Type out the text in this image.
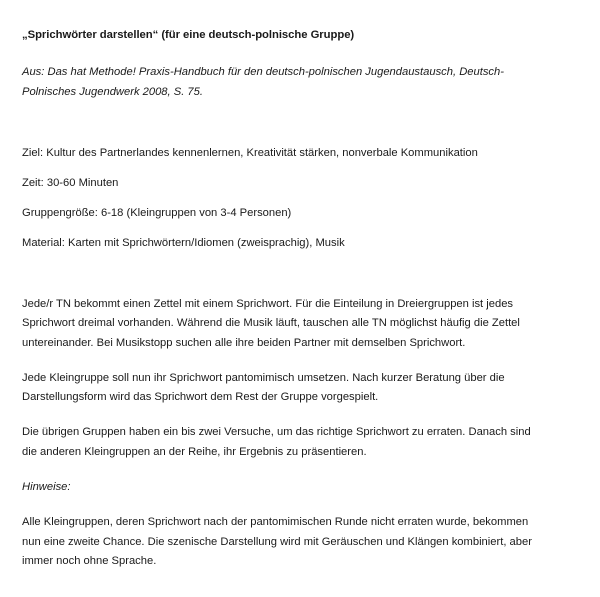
„Sprichwörter darstellen“ (für eine deutsch-polnische Gruppe)

Aus: Das hat Methode! Praxis-Handbuch für den deutsch-polnischen Jugendaustausch, Deutsch-Polnisches Jugendwerk 2008, S. 75.

Ziel: Kultur des Partnerlandes kennenlernen, Kreativität stärken, nonverbale Kommunikation

Zeit: 30-60 Minuten

Gruppengröße: 6-18 (Kleingruppen von 3-4 Personen)

Material: Karten mit Sprichwörtern/Idiomen (zweisprachig), Musik

Jede/r TN bekommt einen Zettel mit einem Sprichwort. Für die Einteilung in Dreiergruppen ist jedes Sprichwort dreimal vorhanden. Während die Musik läuft, tauschen alle TN möglichst häufig die Zettel untereinander. Bei Musikstopp suchen alle ihre beiden Partner mit demselben Sprichwort.

Jede Kleingruppe soll nun ihr Sprichwort pantomimisch umsetzen. Nach kurzer Beratung über die Darstellungsform wird das Sprichwort dem Rest der Gruppe vorgespielt.

Die übrigen Gruppen haben ein bis zwei Versuche, um das richtige Sprichwort zu erraten. Danach sind die anderen Kleingruppen an der Reihe, ihr Ergebnis zu präsentieren.

Hinweise:

Alle Kleingruppen, deren Sprichwort nach der pantomimischen Runde nicht erraten wurde, bekommen nun eine zweite Chance. Die szenische Darstellung wird mit Geräuschen und Klängen kombiniert, aber immer noch ohne Sprache.
